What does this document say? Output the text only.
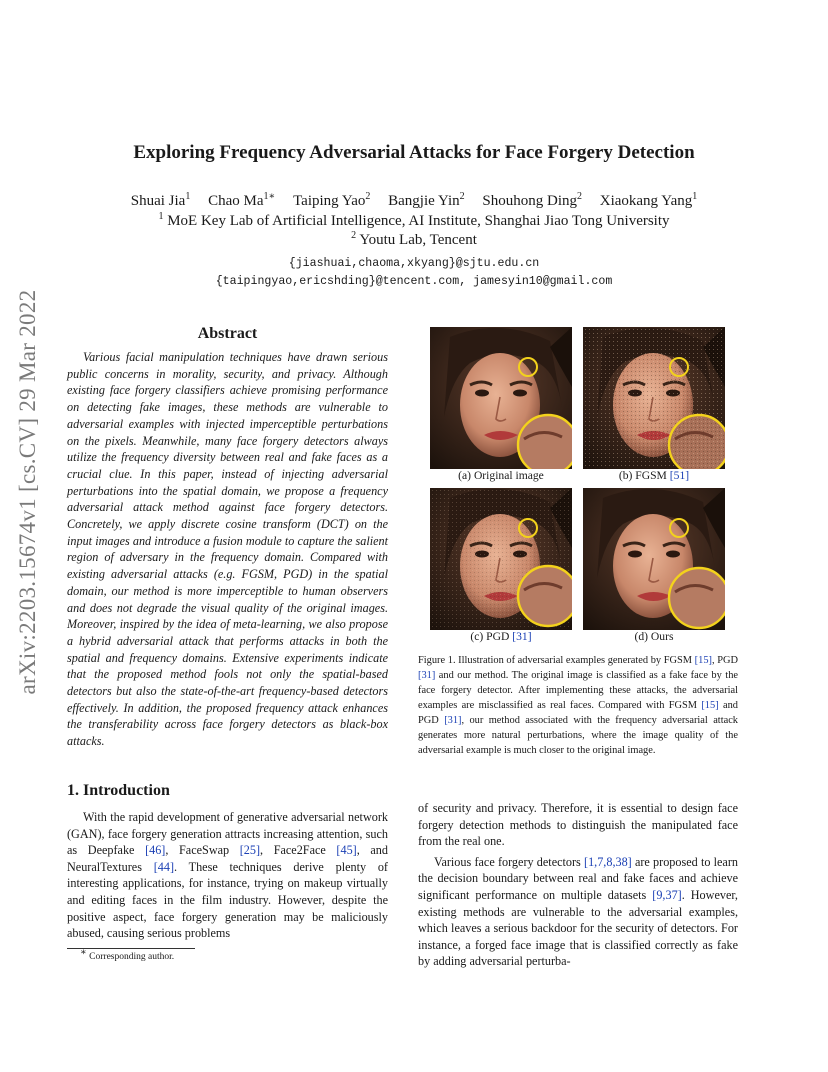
arXiv:2203.15674v1 [cs.CV] 29 Mar 2022
Exploring Frequency Adversarial Attacks for Face Forgery Detection
Shuai Jia$^1$ Chao $Ma^{1∗}$ Taiping Yao$^2$ Bangjie Yin$^2$ Shouhong Ding$^2$ Xiaokang Yang$^1$
$^1$ MoE Key Lab of Artificial Intelligence, AI Institute, Shanghai Jiao Tong University
$^2$ Youtu Lab, Tencent
{jiashuai,chaoma,xkyang}@sjtu.edu.cn
{taipingyao,ericshding}@tencent.com, jamesyin10@gmail.com
Abstract
Various facial manipulation techniques have drawn serious public concerns in morality, security, and privacy. Although existing face forgery classifiers achieve promising performance on detecting fake images, these methods are vulnerable to adversarial examples with injected imperceptible perturbations on the pixels. Meanwhile, many face forgery detectors always utilize the frequency diversity between real and fake faces as a crucial clue. In this paper, instead of injecting adversarial perturbations into the spatial domain, we propose a frequency adversarial attack method against face forgery detectors. Concretely, we apply discrete cosine transform (DCT) on the input images and introduce a fusion module to capture the salient region of adversary in the frequency domain. Compared with existing adversarial attacks (e.g. FGSM, PGD) in the spatial domain, our method is more imperceptible to human observers and does not degrade the visual quality of the original images. Moreover, inspired by the idea of meta-learning, we also propose a hybrid adversarial attack that performs attacks in both the spatial and frequency domains. Extensive experiments indicate that the proposed method fools not only the spatial-based detectors but also the state-of-the-art frequency-based detectors effectively. In addition, the proposed frequency attack enhances the transferability across face forgery detectors as black-box attacks.
1. Introduction
With the rapid development of generative adversarial network (GAN), face forgery generation attracts increasing attention, such as Deepfake [46], FaceSwap [25], Face2Face [45], and NeuralTextures [44]. These techniques derive plenty of interesting applications, for instance, trying on makeup virtually and editing faces in the film industry. However, despite the positive aspect, face forgery generation may be maliciously abused, causing serious problems
∗ Corresponding author.
(a) Original image	(b) FGSM [51]
(c) PGD [31]	(d) Ours
Figure 1. Illustration of adversarial examples generated by FGSM [15], PGD [31] and our method. The original image is classified as a fake face by the face forgery detector. After implementing these attacks, the adversarial examples are misclassified as real faces. Compared with FGSM [15] and PGD [31], our method associated with the frequency adversarial attack generates more natural perturbations, where the image quality of the adversarial example is much closer to the original image.

of security and privacy. Therefore, it is essential to design face forgery detection methods to distinguish the manipulated face from the real one.

Various face forgery detectors [1,7,8,38] are proposed to learn the decision boundary between real and fake faces and achieve significant performance on multiple datasets [9,37]. However, existing methods are vulnerable to the adversarial examples, which leaves a serious backdoor for the security of detectors. For instance, a forged face image that is classified correctly as fake by adding adversarial perturba-
